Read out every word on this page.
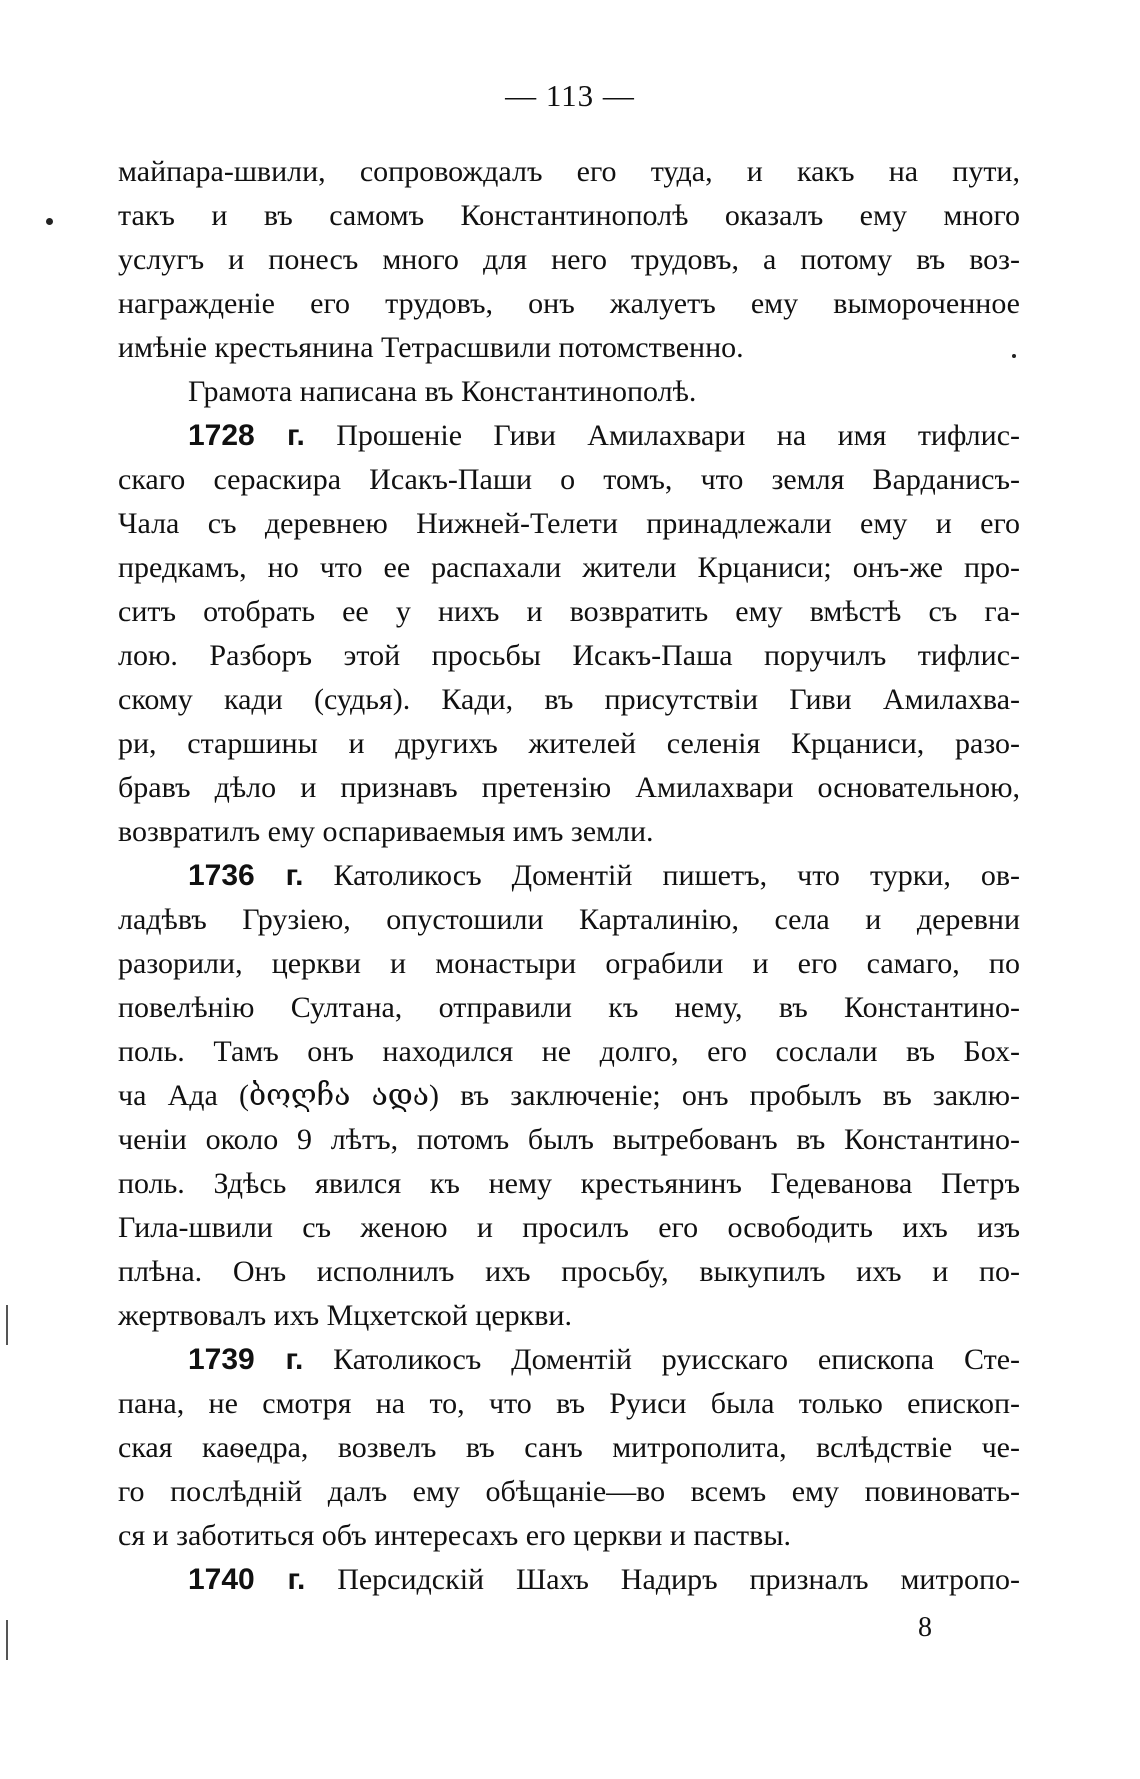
— 113 —
майпара-швили, сопровождалъ его туда, и какъ на пути,
такъ и въ самомъ Константинополѣ оказалъ ему много
услугъ и понесъ много для него трудовъ, а потому въ воз-
награжденіе его трудовъ, онъ жалуетъ ему вымороченное
имѣніе крестьянина Тетрасшвили потомственно.
Грамота написана въ Константинополѣ.
1728 г. Прошеніе Гиви Амилахвари на имя тифлис-
скаго сераскира Исакъ-Паши о томъ, что земля Варданисъ-
Чала съ деревнею Нижней-Телети принадлежали ему и его
предкамъ, но что ее распахали жители Крцаниси; онъ-же про-
ситъ отобрать ее у нихъ и возвратить ему вмѣстѣ съ га-
лою. Разборъ этой просьбы Исакъ-Паша поручилъ тифлис-
скому кади (судья). Кади, въ присутствіи Гиви Амилахва-
ри, старшины и другихъ жителей селенія Крцаниси, разо-
бравъ дѣло и признавъ претензію Амилахвари основательною,
возвратилъ ему оспариваемыя имъ земли.
1736 г. Католикосъ Доментій пишетъ, что турки, ов-
ладѣвъ Грузіею, опустошили Карталинію, села и деревни
разорили, церкви и монастыри ограбили и его самаго, по
повелѣнію Султана, отправили къ нему, въ Константино-
поль. Тамъ онъ находился не долго, его сослали въ Бох-
ча Ада (ბოღჩა ადა) въ заключеніе; онъ пробылъ въ заклю-
ченіи около 9 лѣтъ, потомъ былъ вытребованъ въ Константино-
поль. Здѣсь явился къ нему крестьянинъ Гедеванова Петръ
Гила-швили съ женою и просилъ его освободить ихъ изъ
плѣна. Онъ исполнилъ ихъ просьбу, выкупилъ ихъ и по-
жертвовалъ ихъ Мцхетской церкви.
1739 г. Католикосъ Доментій руисскаго епископа Сте-
пана, не смотря на то, что въ Руиси была только епископ-
ская каѳедра, возвелъ въ санъ митрополита, вслѣдствіе че-
го послѣдній далъ ему обѣщаніе—во всемъ ему повиновать-
ся и заботиться объ интересахъ его церкви и паствы.
1740 г. Персидскій Шахъ Надиръ призналъ митропо-
8
